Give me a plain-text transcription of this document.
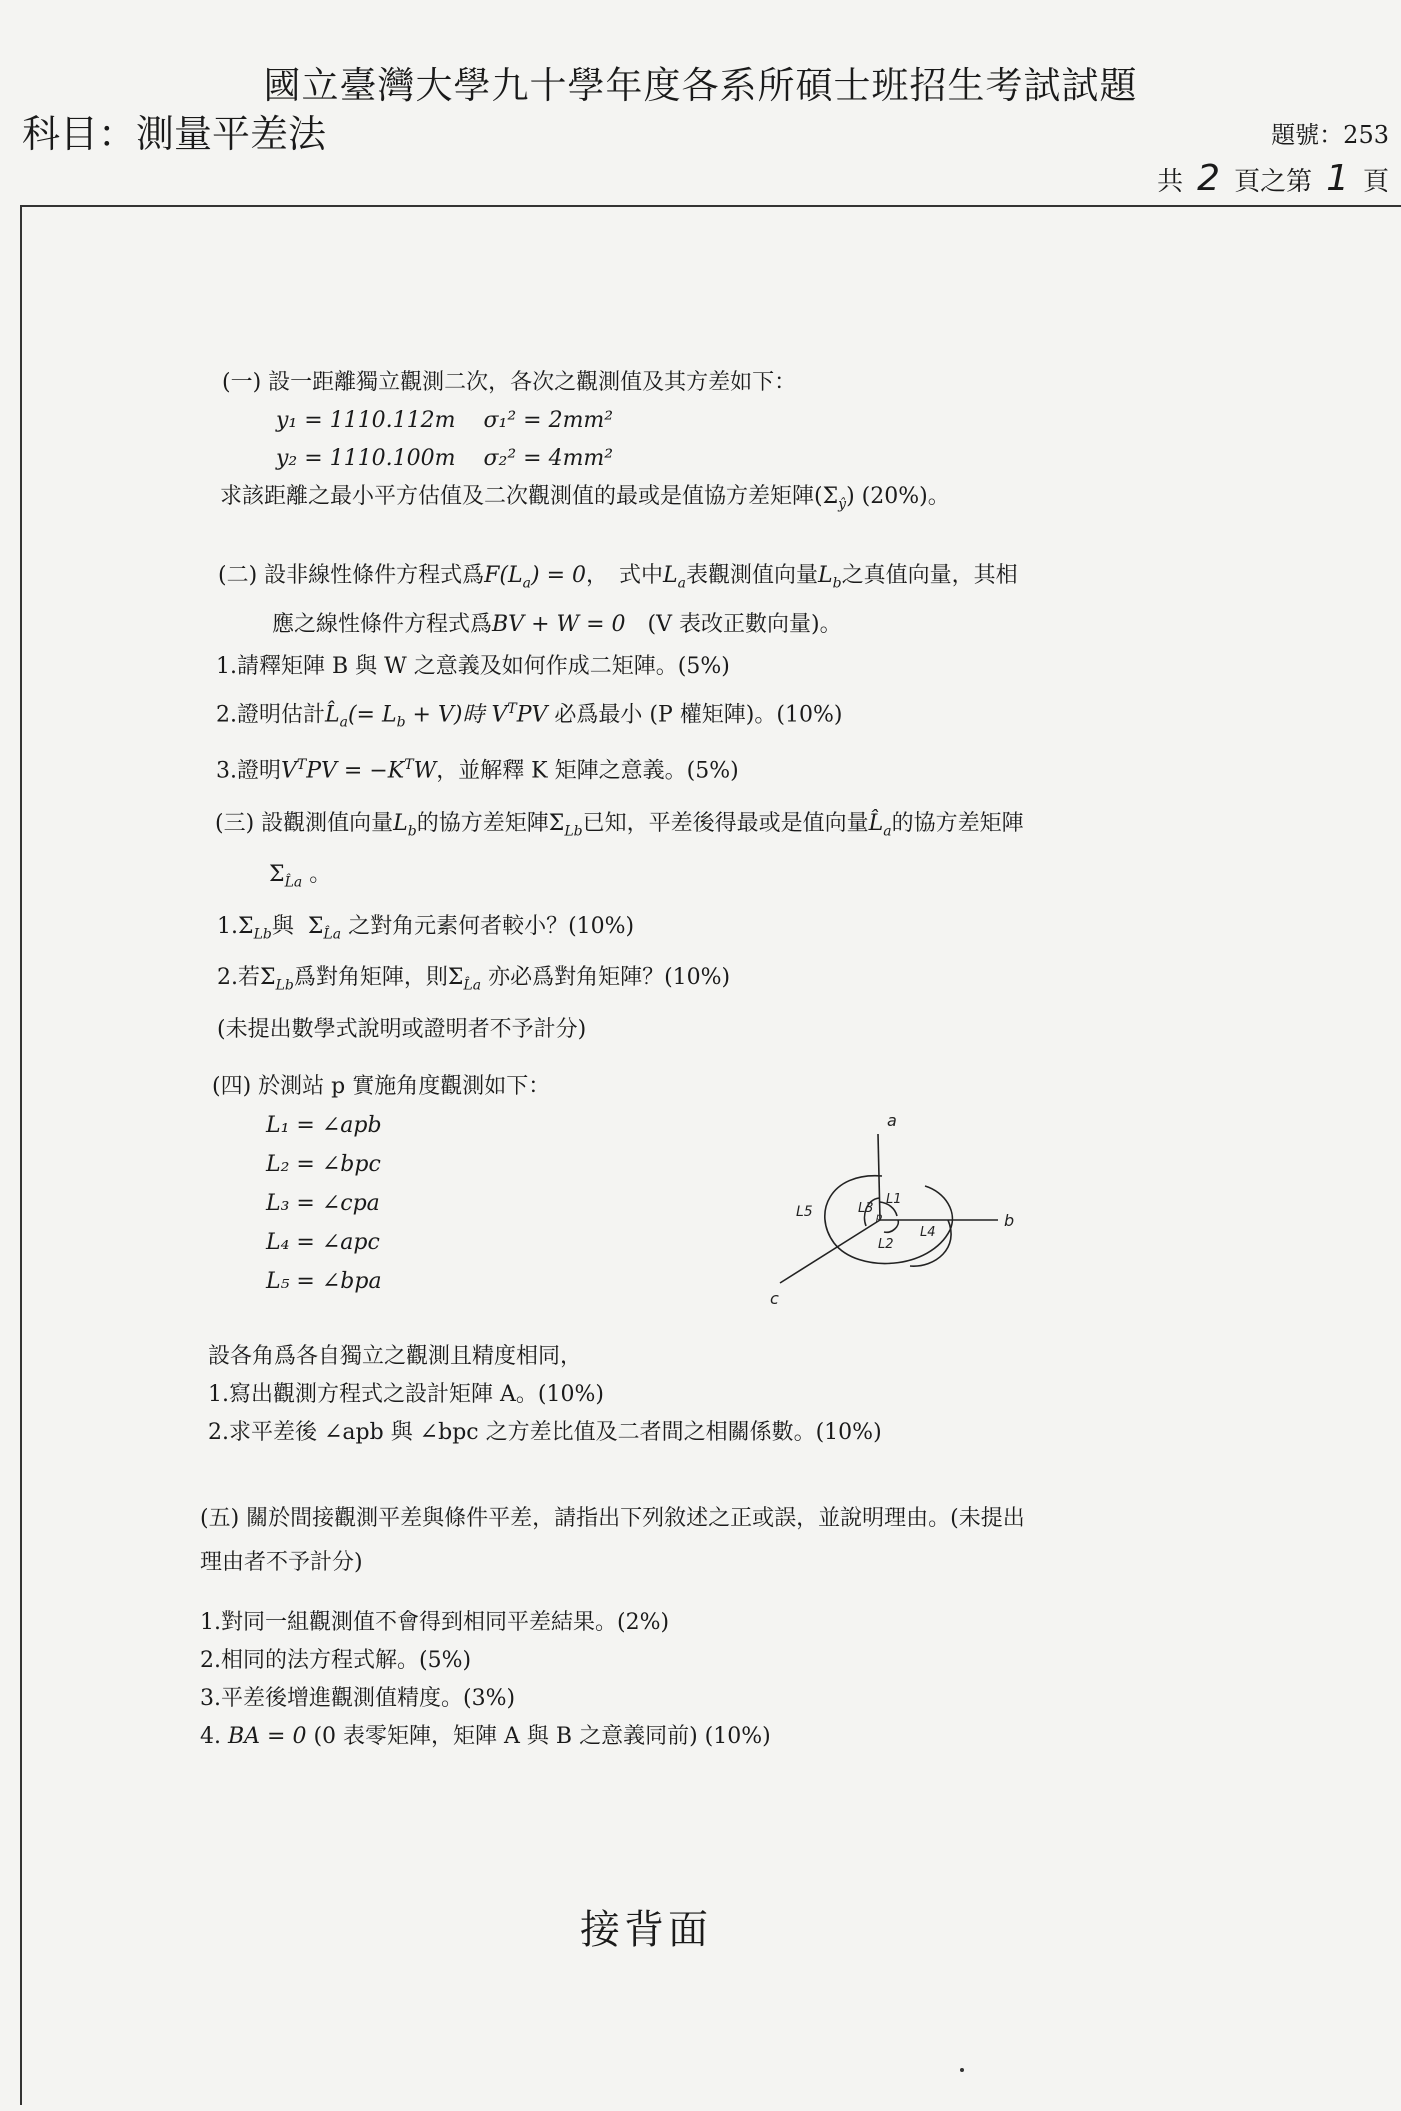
國立臺灣大學九十學年度各系所碩士班招生考試試題
科目：測量平差法	題號：253
共 2 頁之第 1 頁
(一) 設一距離獨立觀測二次，各次之觀測值及其方差如下：
y₁ = 1110.112m σ₁² = 2mm²
y₂ = 1110.100m σ₂² = 4mm²
求該距離之最小平方估值及二次觀測值的最或是值協方差矩陣$(\Sigma_ŷ)$ (20%)。
(二) 設非線性條件方程式爲$F(L_a) = 0$，　式中$L_a$表觀測值向量$L_b$之真值向量，其相
應之線性條件方程式爲BV + W = 0　(V 表改正數向量)。
1.請釋矩陣 B 與 W 之意義及如何作成二矩陣。(5%)
2.證明估計$L̂_a(= L_b + V)$時 $V^TPV$ 必爲最小 (P 權矩陣)。(10%)
3.證明$V^TPV = -K^TW$，並解釋 K 矩陣之意義。(5%)
(三) 設觀測值向量$L_b$的協方差矩陣$\Sigma_{Lb}$已知，平差後得最或是值向量$L̂_a$的協方差矩陣
$\Sigma_{L̂a}$ 。
$1.\Sigma_{Lb}$與 $\Sigma_{L̂a}$ 之對角元素何者較小？(10%)
2.若$\Sigma_{Lb}$爲對角矩陣，則$\Sigma_{L̂a}$ 亦必爲對角矩陣？(10%)
(未提出數學式說明或證明者不予計分)
(四) 於測站 p 實施角度觀測如下：
L₁ = ∠apb
L₂ = ∠bpc
L₃ = ∠cpa
L₄ = ∠apc
L₅ = ∠bpa
a
b
c
p
L1
L2
L3
L4
L5
設各角爲各自獨立之觀測且精度相同，
1.寫出觀測方程式之設計矩陣 A。(10%)
2.求平差後 ∠apb 與 ∠bpc 之方差比值及二者間之相關係數。(10%)
(五) 關於間接觀測平差與條件平差，請指出下列敘述之正或誤，並說明理由。(未提出
理由者不予計分)
1.對同一組觀測值不會得到相同平差結果。(2%)
2.相同的法方程式解。(5%)
3.平差後增進觀測值精度。(3%)
4. BA = 0 (0 表零矩陣，矩陣 A 與 B 之意義同前) (10%)
接背面
